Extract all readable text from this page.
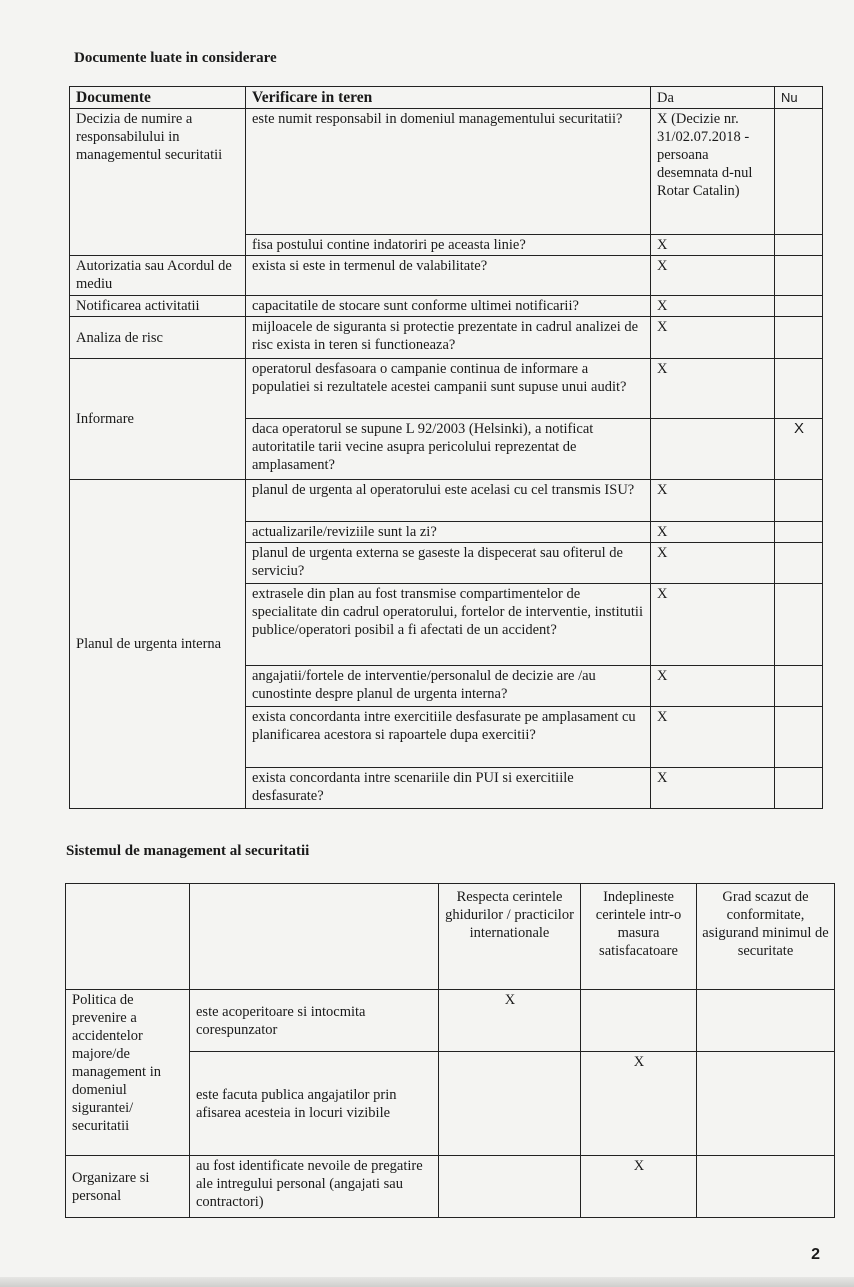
Documente luate in considerare
Documente	Verificare in teren	Da	Nu
Decizia de numire a responsabilului in managementul securitatii	este numit responsabil in domeniul managementului securitatii?	X (Decizie nr. 31/02.07.2018 - persoana desemnata d-nul Rotar Catalin)	
	fisa postului contine indatoriri pe aceasta linie?	X	
Autorizatia sau Acordul de mediu	exista si este in termenul de valabilitate?	X	
Notificarea activitatii	capacitatile de stocare sunt conforme ultimei notificarii?	X	
Analiza de risc	mijloacele de siguranta si protectie prezentate in cadrul analizei de risc exista in teren si functioneaza?	X	
Informare	operatorul desfasoara o campanie continua de informare a populatiei si rezultatele acestei campanii sunt supuse unui audit?	X	
	daca operatorul se supune L 92/2003 (Helsinki), a notificat autoritatile tarii vecine asupra pericolului reprezentat de amplasament?		X
Planul de urgenta interna	planul de urgenta al operatorului este acelasi cu cel transmis ISU?	X	
	actualizarile/reviziile sunt la zi?	X	
	planul de urgenta externa se gaseste la dispecerat sau ofiterul de serviciu?	X	
	extrasele din plan au fost transmise compartimentelor de specialitate din cadrul operatorului, fortelor de interventie, institutii publice/operatori posibil a fi afectati de un accident?	X	
	angajatii/fortele de interventie/personalul de decizie are /au cunostinte despre planul de urgenta interna?	X	
	exista concordanta intre exercitiile desfasurate pe amplasament cu planificarea acestora si rapoartele dupa exercitii?	X	
	exista concordanta intre scenariile din PUI si exercitiile desfasurate?	X	
Sistemul de management al securitatii
		Respecta cerintele ghidurilor / practicilor internationale	Indeplineste cerintele intr-o masura satisfacatoare	Grad scazut de conformitate, asigurand minimul de securitate
Politica de prevenire a accidentelor majore/de management in domeniul sigurantei/ securitatii	este acoperitoare si intocmita corespunzator	X		
	este facuta publica angajatilor prin afisarea acesteia in locuri vizibile		X	
Organizare si personal	au fost identificate nevoile de pregatire ale intregului personal (angajati sau contractori)		X	
2
